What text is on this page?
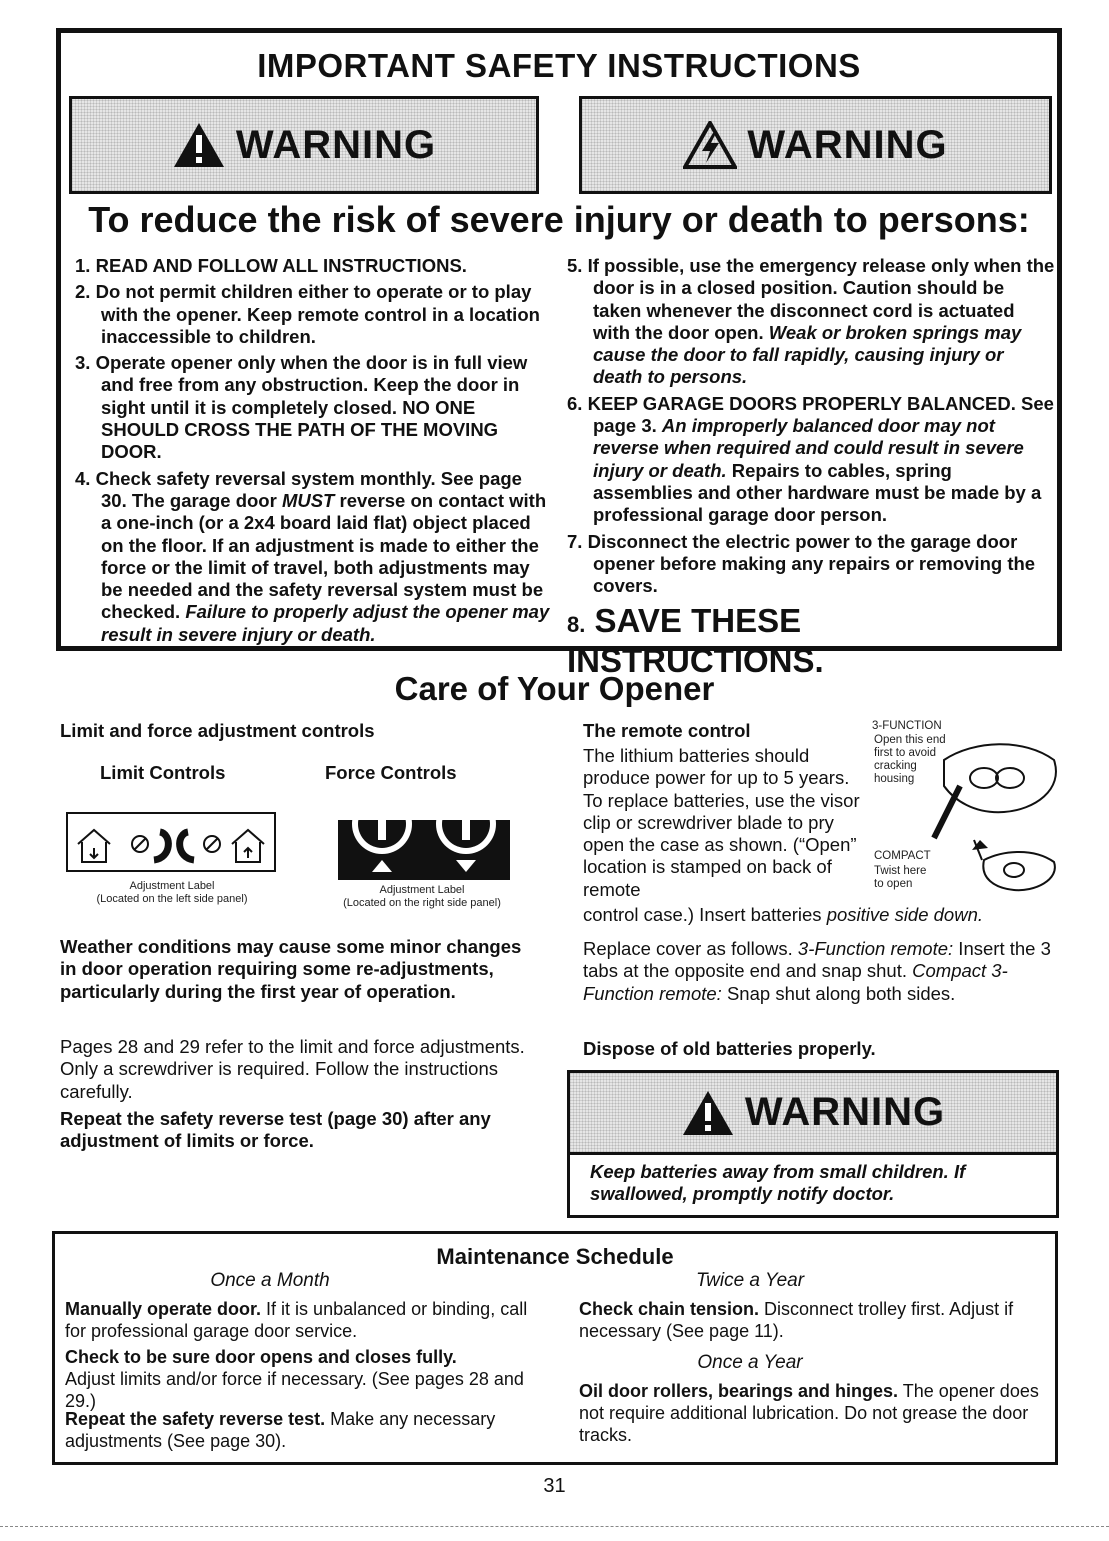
IMPORTANT SAFETY INSTRUCTIONS
WARNING	WARNING
To reduce the risk of severe injury or death to persons:
1. READ AND FOLLOW ALL INSTRUCTIONS.
2. Do not permit children either to operate or to play with the opener. Keep remote control in a location inaccessible to children.
3. Operate opener only when the door is in full view and free from any obstruction. Keep the door in sight until it is completely closed. NO ONE SHOULD CROSS THE PATH OF THE MOVING DOOR.
4. Check safety reversal system monthly. See page 30. The garage door MUST reverse on contact with a one-inch (or a 2x4 board laid flat) object placed on the floor. If an adjustment is made to either the force or the limit of travel, both adjustments may be needed and the safety reversal system must be checked. Failure to properly adjust the opener may result in severe injury or death.
5. If possible, use the emergency release only when the door is in a closed position. Caution should be taken whenever the disconnect cord is actuated with the door open. Weak or broken springs may cause the door to fall rapidly, causing injury or death to persons.
6. KEEP GARAGE DOORS PROPERLY BALANCED. See page 3. An improperly balanced door may not reverse when required and could result in severe injury or death. Repairs to cables, spring assemblies and other hardware must be made by a professional garage door person.
7. Disconnect the electric power to the garage door opener before making any repairs or removing the covers.
8. SAVE THESE INSTRUCTIONS.
Care of Your Opener
Limit and force adjustment controls
Limit Controls	Force Controls
Adjustment Label
(Located on the left side panel)
Adjustment Label
(Located on the right side panel)
Weather conditions may cause some minor changes in door operation requiring some re-adjustments, particularly during the first year of operation.
Pages 28 and 29 refer to the limit and force adjustments. Only a screwdriver is required. Follow the instructions carefully.
Repeat the safety reverse test (page 30) after any adjustment of limits or force.
The remote control
The lithium batteries should produce power for up to 5 years. To replace batteries, use the visor clip or screwdriver blade to pry open the case as shown. (“Open” location is stamped on back of remote
control case.) Insert batteries positive side down.
3-FUNCTION
Open this end
first to avoid
cracking
housing
COMPACT
Twist here
to open
Replace cover as follows. 3-Function remote: Insert the 3 tabs at the opposite end and snap shut. Compact 3-Function remote: Snap shut along both sides.
Dispose of old batteries properly.
WARNING
Keep batteries away from small children. If swallowed, promptly notify doctor.
Maintenance Schedule
Once a Month	Twice a Year
Once a Year
Manually operate door. If it is unbalanced or binding, call for professional garage door service.
Check to be sure door opens and closes fully.
Adjust limits and/or force if necessary. (See pages 28 and 29.)
Repeat the safety reverse test. Make any necessary adjustments (See page 30).
Check chain tension. Disconnect trolley first. Adjust if necessary (See page 11).
Oil door rollers, bearings and hinges. The opener does not require additional lubrication. Do not grease the door tracks.
31
